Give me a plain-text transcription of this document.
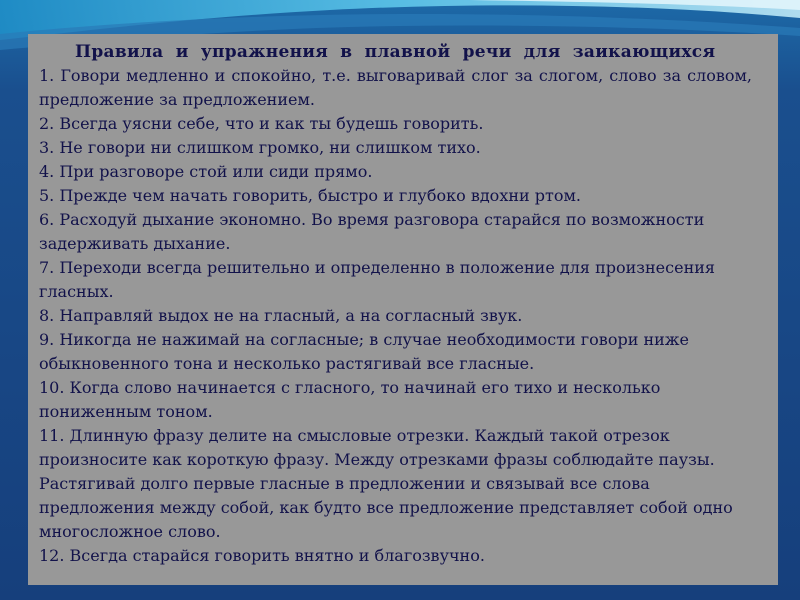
Правила и упражнения в плавной речи для заикающихся
1. Говори медленно и спокойно, т.е. выговаривай слог за слогом, слово за словом, предложение за предложением.
2. Всегда уясни себе, что и как ты будешь говорить.
3. Не говори ни слишком громко, ни слишком тихо.
4. При разговоре стой или сиди прямо.
5. Прежде чем начать говорить, быстро и глубоко вдохни ртом.
6. Расходуй дыхание экономно. Во время разговора старайся по возможности задерживать дыхание.
7. Переходи всегда решительно и определенно в положение для произнесения гласных.
8. Направляй выдох не на гласный, а на согласный звук.
9. Никогда не нажимай на согласные; в случае необходимости говори ниже обыкновенного тона и несколько растягивай все гласные.
10. Когда слово начинается с гласного, то начинай его тихо и несколько пониженным тоном.
11. Длинную фразу делите на смысловые отрезки. Каждый такой отрезок произносите как короткую фразу. Между отрезками фразы соблюдайте паузы. Растягивай долго первые гласные в предложении и связывай все слова предложения между собой, как будто все предложение представляет собой одно многосложное слово.
12. Всегда старайся говорить внятно и благозвучно.
